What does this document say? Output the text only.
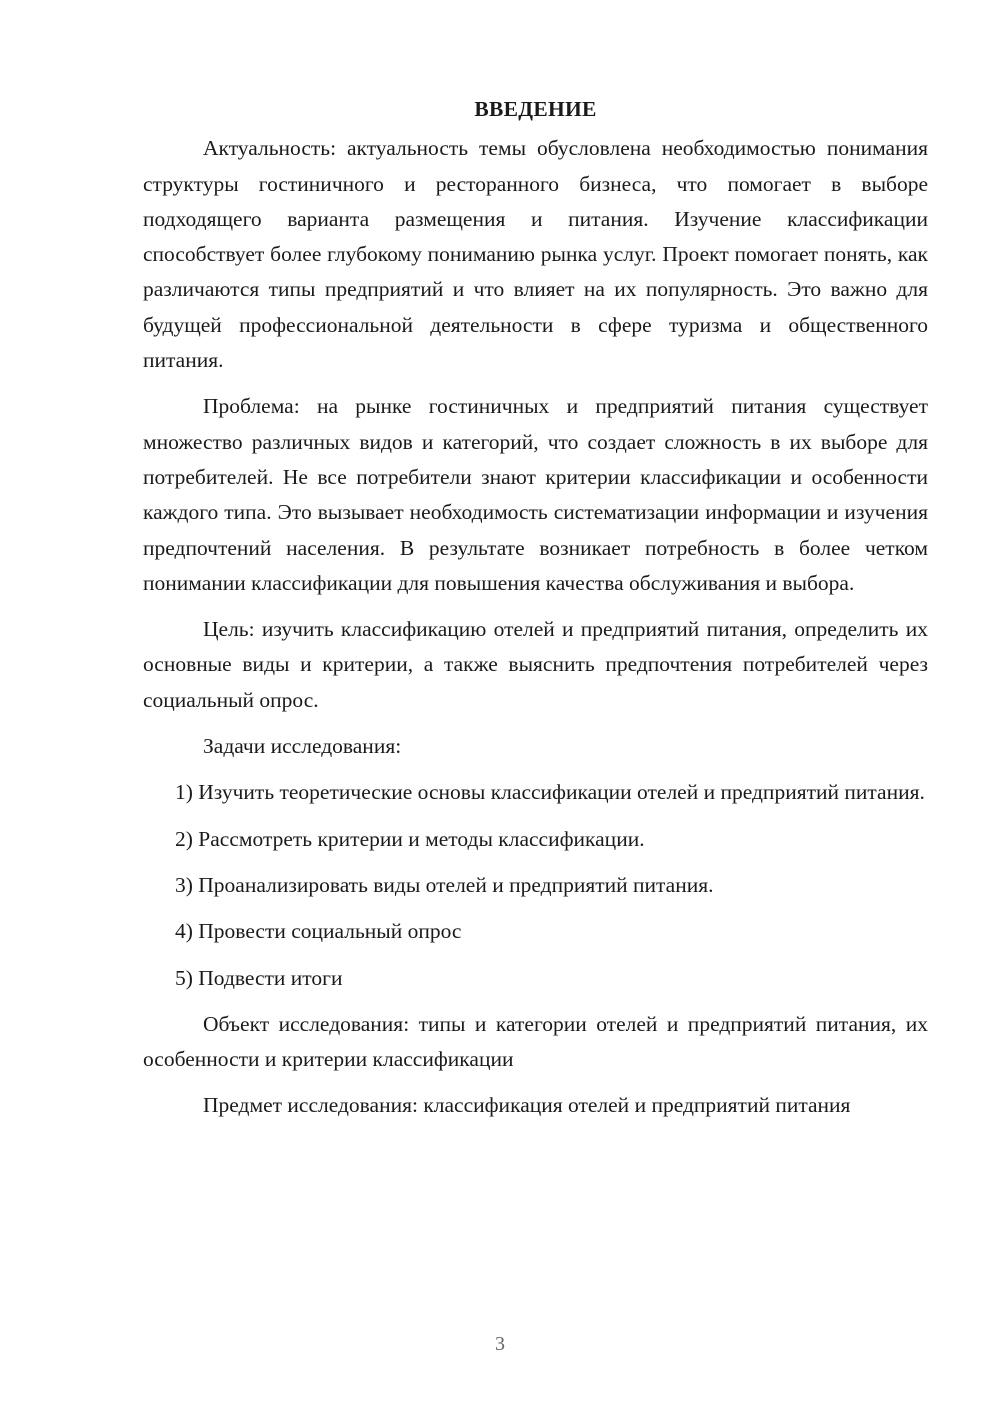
ВВЕДЕНИЕ

Актуальность: актуальность темы обусловлена необходимостью понимания структуры гостиничного и ресторанного бизнеса, что помогает в выборе подходящего варианта размещения и питания. Изучение классификации способствует более глубокому пониманию рынка услуг. Проект помогает понять, как различаются типы предприятий и что влияет на их популярность. Это важно для будущей профессиональной деятельности в сфере туризма и общественного питания.

Проблема: на рынке гостиничных и предприятий питания существует множество различных видов и категорий, что создает сложность в их выборе для потребителей. Не все потребители знают критерии классификации и особенности каждого типа. Это вызывает необходимость систематизации информации и изучения предпочтений населения. В результате возникает потребность в более четком понимании классификации для повышения качества обслуживания и выбора.

Цель: изучить классификацию отелей и предприятий питания, определить их основные виды и критерии, а также выяснить предпочтения потребителей через социальный опрос.

Задачи исследования:

1) Изучить теоретические основы классификации отелей и предприятий питания.

2) Рассмотреть критерии и методы классификации.

3) Проанализировать виды отелей и предприятий питания.

4) Провести социальный опрос

5) Подвести итоги

Объект исследования: типы и категории отелей и предприятий питания, их особенности и критерии классификации

Предмет исследования: классификация отелей и предприятий питания

3
